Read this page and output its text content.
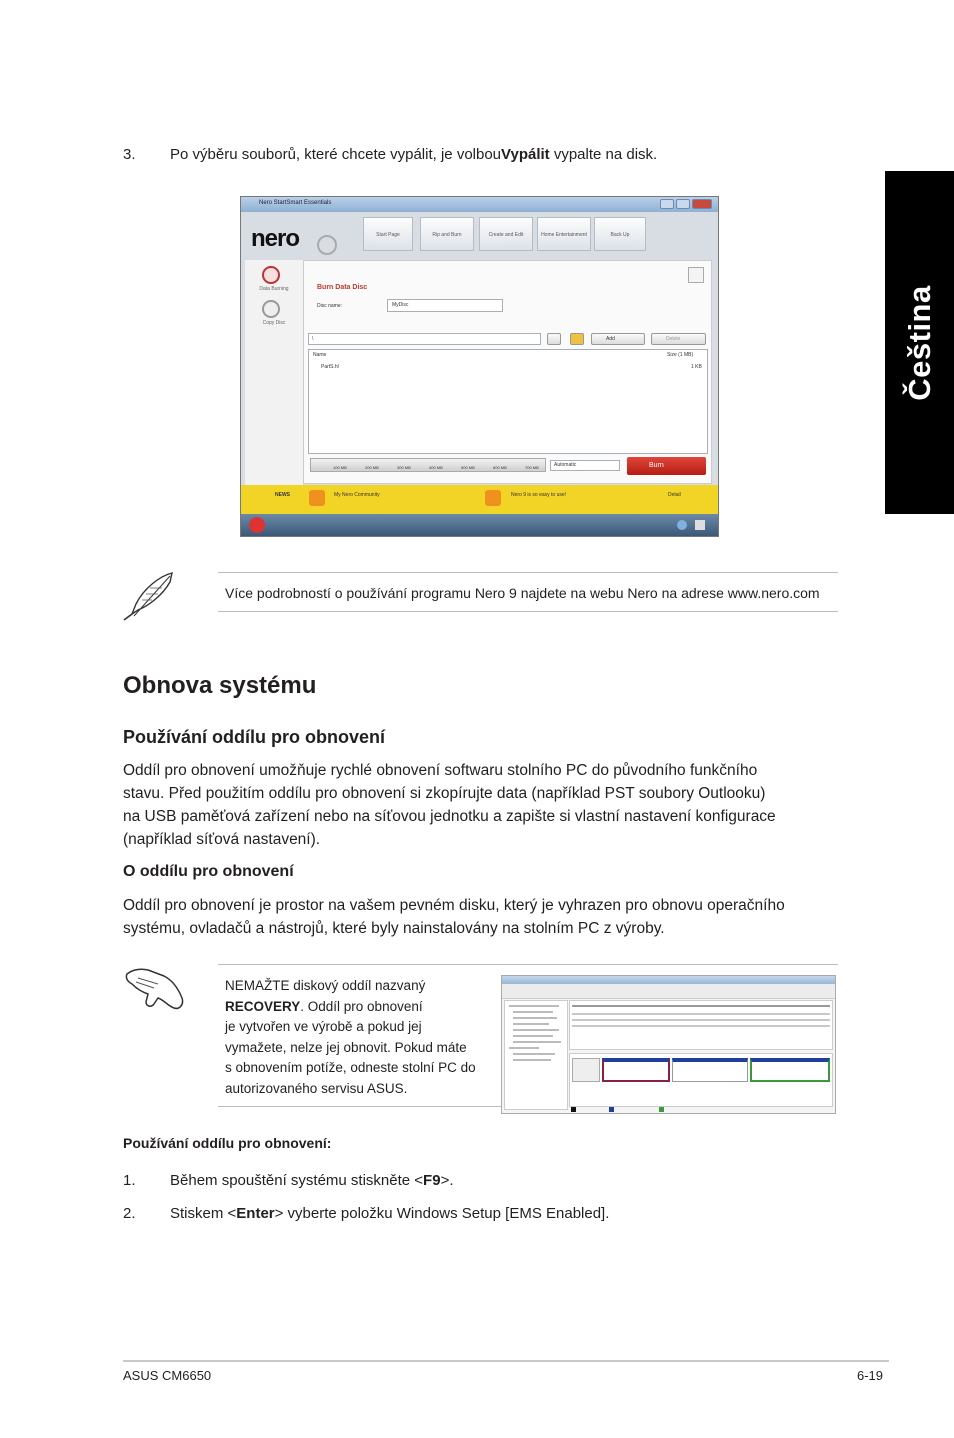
Čeština
3. Po výběru souborů, které chcete vypálit, je volbouVypálit vypalte na disk.
Nero StartSmart Essentials
nero	Start Page	Rip and Burn	Create and Edit	Home Entertainment	Back Up
Data Burning
Copy Disc
Burn Data Disc
Disc name:	MyDisc
\	Add	Delete
Name	Size (1 MB)
PartS.hl	1 KB
100 MB	200 MB	300 MB	400 MB	500 MB	600 MB	700 MB	Automatic	Burn
NEWS	My Nero Community	Nero 9 is so easy to use!	Detail
Více podrobností o používání programu Nero 9 najdete na webu Nero na adrese www.nero.com
Obnova systému
Používání oddílu pro obnovení
Oddíl pro obnovení umožňuje rychlé obnovení softwaru stolního PC do původního funkčního
stavu. Před použitím oddílu pro obnovení si zkopírujte data (například PST soubory Outlooku)
na USB paměťová zařízení nebo na síťovou jednotku a zapište si vlastní nastavení konfigurace
(například síťová nastavení).
O oddílu pro obnovení
Oddíl pro obnovení je prostor na vašem pevném disku, který je vyhrazen pro obnovu operačního
systému, ovladačů a nástrojů, které byly nainstalovány na stolním PC z výroby.
NEMAŽTE diskový oddíl nazvaný
RECOVERY. Oddíl pro obnovení
je vytvořen ve výrobě a pokud jej
vymažete, nelze jej obnovit. Pokud máte
s obnovením potíže, odneste stolní PC do
autorizovaného servisu ASUS.
Používání oddílu pro obnovení:
1. Během spouštění systému stiskněte <F9>.
2. Stiskem <Enter> vyberte položku Windows Setup [EMS Enabled].
ASUS CM6650	6-19
